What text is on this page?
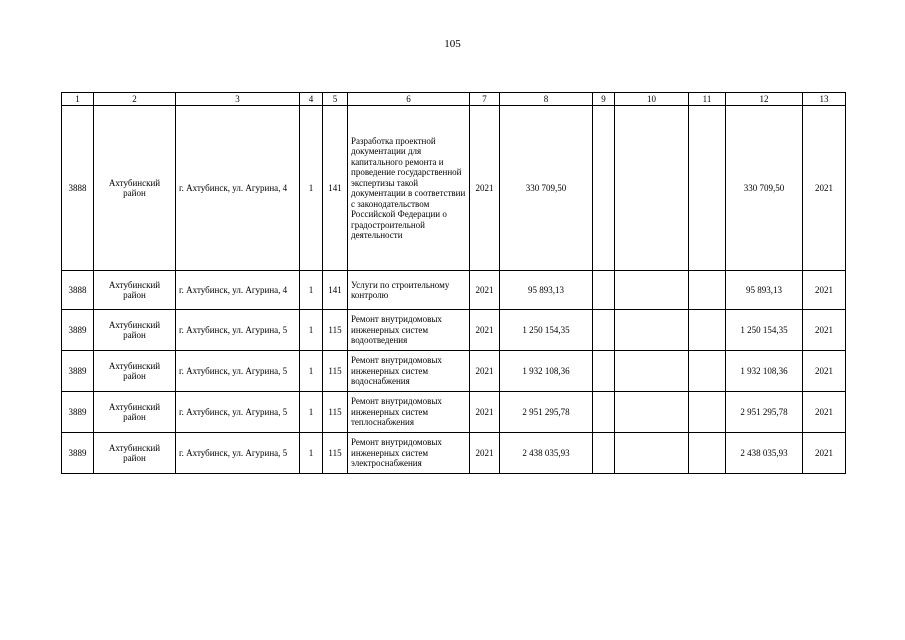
105
1	2	3	4	5	6	7	8	9	10	11	12	13
3888	Ахтубинский район	г. Ахтубинск, ул. Агурина, 4	1	141	Разработка проектной документации для капитального ремонта и проведение государственной экспертизы такой документации в соответствии с законодательством Российской Федерации о градостроительной деятельности	2021	330 709,50				330 709,50	2021
3888	Ахтубинский район	г. Ахтубинск, ул. Агурина, 4	1	141	Услуги по строительному контролю	2021	95 893,13				95 893,13	2021
3889	Ахтубинский район	г. Ахтубинск, ул. Агурина, 5	1	115	Ремонт внутридомовых инженерных систем водоотведения	2021	1 250 154,35				1 250 154,35	2021
3889	Ахтубинский район	г. Ахтубинск, ул. Агурина, 5	1	115	Ремонт внутридомовых инженерных систем водоснабжения	2021	1 932 108,36				1 932 108,36	2021
3889	Ахтубинский район	г. Ахтубинск, ул. Агурина, 5	1	115	Ремонт внутридомовых инженерных систем теплоснабжения	2021	2 951 295,78				2 951 295,78	2021
3889	Ахтубинский район	г. Ахтубинск, ул. Агурина, 5	1	115	Ремонт внутридомовых инженерных систем электроснабжения	2021	2 438 035,93				2 438 035,93	2021
